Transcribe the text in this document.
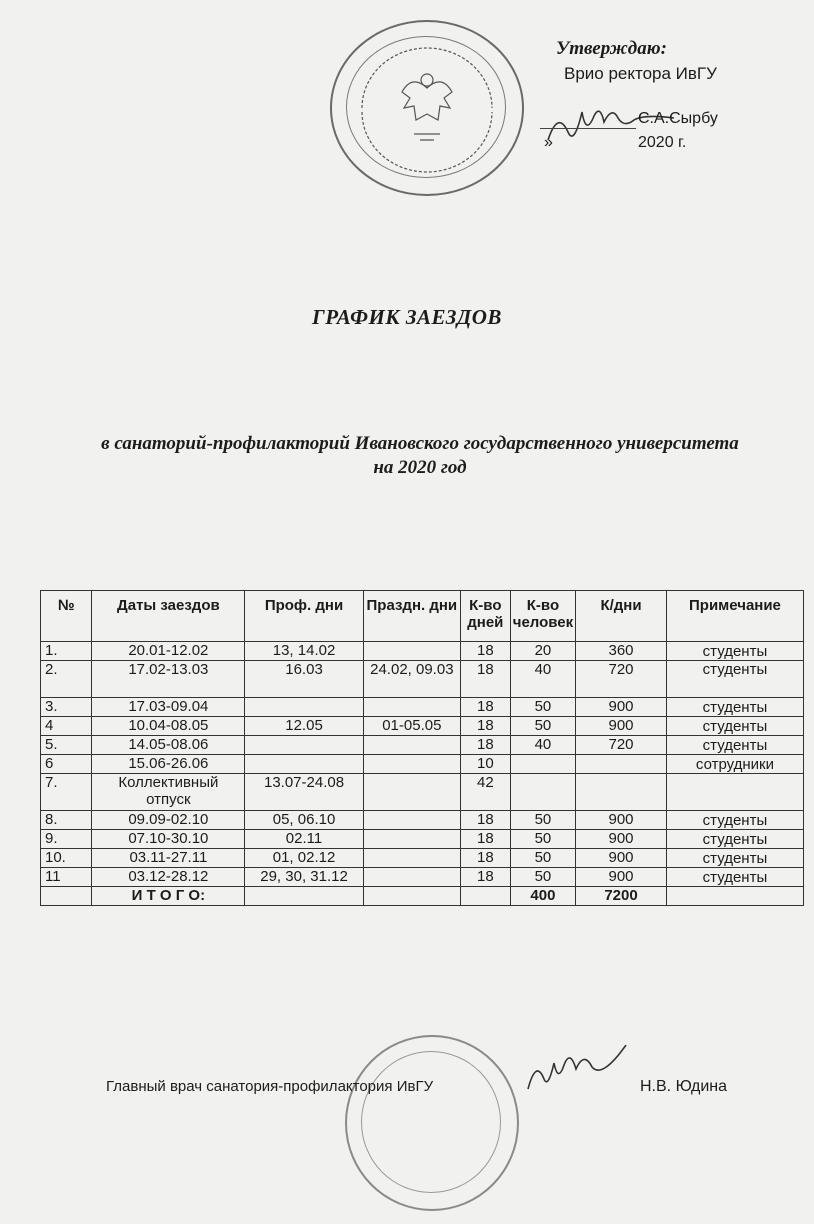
Утверждаю:
Врио ректора ИвГУ
С.А.Сырбу
»	2020 г.
ГРАФИК ЗАЕЗДОВ
в санаторий-профилакторий Ивановского государственного университета
на 2020 год
№	Даты заездов	Проф. дни	Праздн. дни	К-во дней	К-во человек	К/дни	Примечание
1.	20.01-12.02	13, 14.02		18	20	360	студенты
2.	17.02-13.03	16.03	24.02, 09.03	18	40	720	студенты
3.	17.03-09.04			18	50	900	студенты
4	10.04-08.05	12.05	01-05.05	18	50	900	студенты
5.	14.05-08.06			18	40	720	студенты
6	15.06-26.06			10			сотрудники
7.	Коллективный отпуск	13.07-24.08		42			
8.	09.09-02.10	05, 06.10		18	50	900	студенты
9.	07.10-30.10	02.11		18	50	900	студенты
10.	03.11-27.11	01, 02.12		18	50	900	студенты
11	03.12-28.12	29, 30, 31.12		18	50	900	студенты
	И Т О Г О:				400	7200	
Главный врач санатория-профилактория ИвГУ	Н.В. Юдина
